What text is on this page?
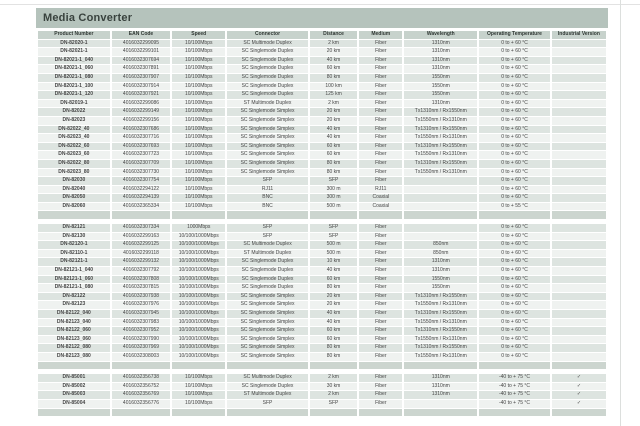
Media Converter
Product Number	EAN Code	Speed	Connector	Distance	Medium	Wavelength	Operating Temperature	Industrial Version
DN-82020-1	4016032299095	10/100Mbps	SC Multimode Duplex	2 km	Fiber	1310nm	0 to + 60 °C	
DN-82021-1	4016032299101	10/100Mbps	SC Singlemode Duplex	20 km	Fiber	1310nm	0 to + 60 °C	
DN-82021-1_040	4016032307694	10/100Mbps	SC Singlemode Duplex	40 km	Fiber	1310nm	0 to + 60 °C	
DN-82021-1_060	4016032307891	10/100Mbps	SC Singlemode Duplex	60 km	Fiber	1310nm	0 to + 60 °C	
DN-82021-1_080	4016032307907	10/100Mbps	SC Singlemode Duplex	80 km	Fiber	1550nm	0 to + 60 °C	
DN-82021-1_100	4016032307914	10/100Mbps	SC Singlemode Duplex	100 km	Fiber	1550nm	0 to + 60 °C	
DN-82021-1_120	4016032307921	10/100Mbps	SC Singlemode Duplex	125 km	Fiber	1550nm	0 to + 60 °C	
DN-82019-1	4016032299086	10/100Mbps	ST Multimode Duplex	2 km	Fiber	1310nm	0 to + 60 °C	
DN-82022	4016032299149	10/100Mbps	SC Singlemode Simplex	20 km	Fiber	Tx1310nm / Rx1550nm	0 to + 60 °C	
DN-82023	4016032299156	10/100Mbps	SC Singlemode Simplex	20 km	Fiber	Tx1550nm / Rx1310nm	0 to + 60 °C	
DN-82022_40	4016032307686	10/100Mbps	SC Singlemode Simplex	40 km	Fiber	Tx1310nm / Rx1550nm	0 to + 60 °C	
DN-82023_40	4016032307716	10/100Mbps	SC Singlemode Simplex	40 km	Fiber	Tx1550nm / Rx1310nm	0 to + 60 °C	
DN-82022_60	4016032307693	10/100Mbps	SC Singlemode Simplex	60 km	Fiber	Tx1310nm / Rx1550nm	0 to + 60 °C	
DN-82023_60	4016032307723	10/100Mbps	SC Singlemode Simplex	60 km	Fiber	Tx1550nm / Rx1310nm	0 to + 60 °C	
DN-82022_80	4016032307709	10/100Mbps	SC Singlemode Simplex	80 km	Fiber	Tx1310nm / Rx1550nm	0 to + 60 °C	
DN-82023_80	4016032307730	10/100Mbps	SC Singlemode Simplex	80 km	Fiber	Tx1550nm / Rx1310nm	0 to + 60 °C	
DN-82030	4016032307754	10/100Mbps	SFP	SFP	Fiber		0 to + 60 °C	
DN-82040	4016032294122	10/100Mbps	RJ11	300 m	RJ11		0 to + 60 °C	
DN-82050	4016032294139	10/100Mbps	BNC	300 m	Coaxial		0 to + 60 °C	
DN-82060	4016032365334	10/100Mbps	BNC	500 m	Coaxial		0 to + 55 °C	

DN-82121	4016032307334	1000Mbps	SFP	SFP	Fiber		0 to + 60 °C	
DN-82130	4016032299163	10/100/1000Mbps	SFP	SFP	Fiber		0 to + 60 °C	
DN-82120-1	4016032299125	10/100/1000Mbps	SC Multimode Duplex	500 m	Fiber	850nm	0 to + 60 °C	
DN-82110-1	4016032299118	10/100/1000Mbps	ST Multimode Duplex	500 m	Fiber	850nm	0 to + 60 °C	
DN-82121-1	4016032299132	10/100/1000Mbps	SC Singlemode Duplex	10 km	Fiber	1310nm	0 to + 60 °C	
DN-82121-1_040	4016032307792	10/100/1000Mbps	SC Singlemode Duplex	40 km	Fiber	1310nm	0 to + 60 °C	
DN-82121-1_060	4016032307808	10/100/1000Mbps	SC Singlemode Duplex	60 km	Fiber	1550nm	0 to + 60 °C	
DN-82121-1_080	4016032307815	10/100/1000Mbps	SC Singlemode Duplex	80 km	Fiber	1550nm	0 to + 60 °C	
DN-82122	4016032307938	10/100/1000Mbps	SC Singlemode Simplex	20 km	Fiber	Tx1310nm / Rx1550nm	0 to + 60 °C	
DN-82123	4016032307976	10/100/1000Mbps	SC Singlemode Simplex	20 km	Fiber	Tx1550nm / Rx1310nm	0 to + 60 °C	
DN-82122_040	4016032307945	10/100/1000Mbps	SC Singlemode Simplex	40 km	Fiber	Tx1310nm / Rx1550nm	0 to + 60 °C	
DN-82123_040	4016032307983	10/100/1000Mbps	SC Singlemode Simplex	40 km	Fiber	Tx1550nm / Rx1310nm	0 to + 60 °C	
DN-82122_060	4016032307952	10/100/1000Mbps	SC Singlemode Simplex	60 km	Fiber	Tx1310nm / Rx1550nm	0 to + 60 °C	
DN-82123_060	4016032307990	10/100/1000Mbps	SC Singlemode Simplex	60 km	Fiber	Tx1550nm / Rx1310nm	0 to + 60 °C	
DN-82122_080	4016032307969	10/100/1000Mbps	SC Singlemode Simplex	80 km	Fiber	Tx1310nm / Rx1550nm	0 to + 60 °C	
DN-82123_080	4016032308003	10/100/1000Mbps	SC Singlemode Simplex	80 km	Fiber	Tx1550nm / Rx1310nm	0 to + 60 °C	

DN-85001	4016032356738	10/100Mbps	SC Multimode Duplex	2 km	Fiber	1310nm	-40 to + 75 °C	✓
DN-85002	4016032356752	10/100Mbps	SC Singlemode Duplex	30 km	Fiber	1310nm	-40 to + 75 °C	✓
DN-85003	4016032356769	10/100Mbps	ST Multimode Duplex	2 km	Fiber	1310nm	-40 to + 75 °C	✓
DN-85004	4016032356776	10/100Mbps	SFP	SFP	Fiber		-40 to + 75 °C	✓
